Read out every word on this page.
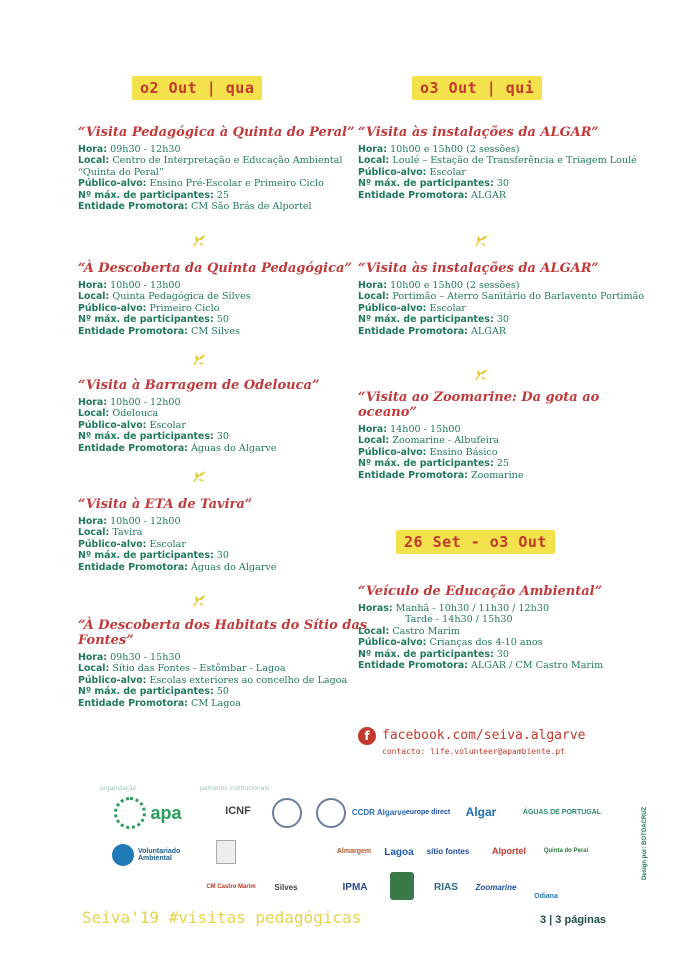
o2 Out | qua	o3 Out | qui
26 Set - o3 Out

“Visita Pedagógica à Quinta do Peral”

Hora: 09h30 - 12h30

Local: Centro de Interpretação e Educação Ambiental “Quinta do Peral”

Público-alvo: Ensino Pré-Escolar e Primeiro Ciclo

Nº máx. de participantes: 25

Entidade Promotora: CM São Brás de Alportel

“À Descoberta da Quinta Pedagógica”

Hora: 10h00 - 13h00

Local: Quinta Pedagógica de Silves

Público-alvo: Primeiro Ciclo

Nº máx. de participantes: 50

Entidade Promotora: CM Silves

“Visita à Barragem de Odelouca”

Hora: 10h00 - 12h00

Local: Odelouca

Público-alvo: Escolar

Nº máx. de participantes: 30

Entidade Promotora: Águas do Algarve

“Visita à ETA de Tavira”

Hora: 10h00 - 12h00

Local: Tavira

Público-alvo: Escolar

Nº máx. de participantes: 30

Entidade Promotora: Águas do Algarve

“À Descoberta dos Habitats do Sítio das Fontes”

Hora: 09h30 - 15h30

Local: Sítio das Fontes - Estômbar - Lagoa

Público-alvo: Escolas exteriores ao concelho de Lagoa

Nº máx. de participantes: 50

Entidade Promotora: CM Lagoa

“Visita às instalações da ALGAR”

Hora: 10h00 e 15h00 (2 sessões)

Local: Loulé – Estação de Transferência e Triagem Loulé

Público-alvo: Escolar

Nº máx. de participantes: 30

Entidade Promotora: ALGAR

“Visita às instalações da ALGAR”

Hora: 10h00 e 15h00 (2 sessões)

Local: Portimão – Aterro Sanitário do Barlavento Portimão

Público-alvo: Escolar

Nº máx. de participantes: 30

Entidade Promotora: ALGAR

“Visita ao Zoomarine: Da gota ao oceano”

Hora: 14h00 - 15h00

Local: Zoomarine - Albufeira

Público-alvo: Ensino Básico

Nº máx. de participantes: 25

Entidade Promotora: Zoomarine

“Veículo de Educação Ambiental”

Horas: Manhã - 10h30 / 11h30 / 12h30

Tarde - 14h30 / 15h30

Local: Castro Marim

Público-alvo: Crianças dos 4-10 anos

Nº máx. de participantes: 30

Entidade Promotora: ALGAR / CM Castro Marim

f facebook.com/seiva.algarve
contacto: life.volunteer@apambiente.pt
organização	parceiros institucionais
apa
Voluntariado Ambiental
ICNF	CCDR Algarve europe direct	Algar	ÁGUAS DE PORTUGAL
Almargem	Lagoa	sítio fontes	Alportel	Quinta do Peral
CM Castro Marim	Silves	IPMA	RIAS	Zoomarine
Odiana
Design por: BOTOACRUZ
Seiva'19 #visitas pedagógicas	3 | 3 páginas
